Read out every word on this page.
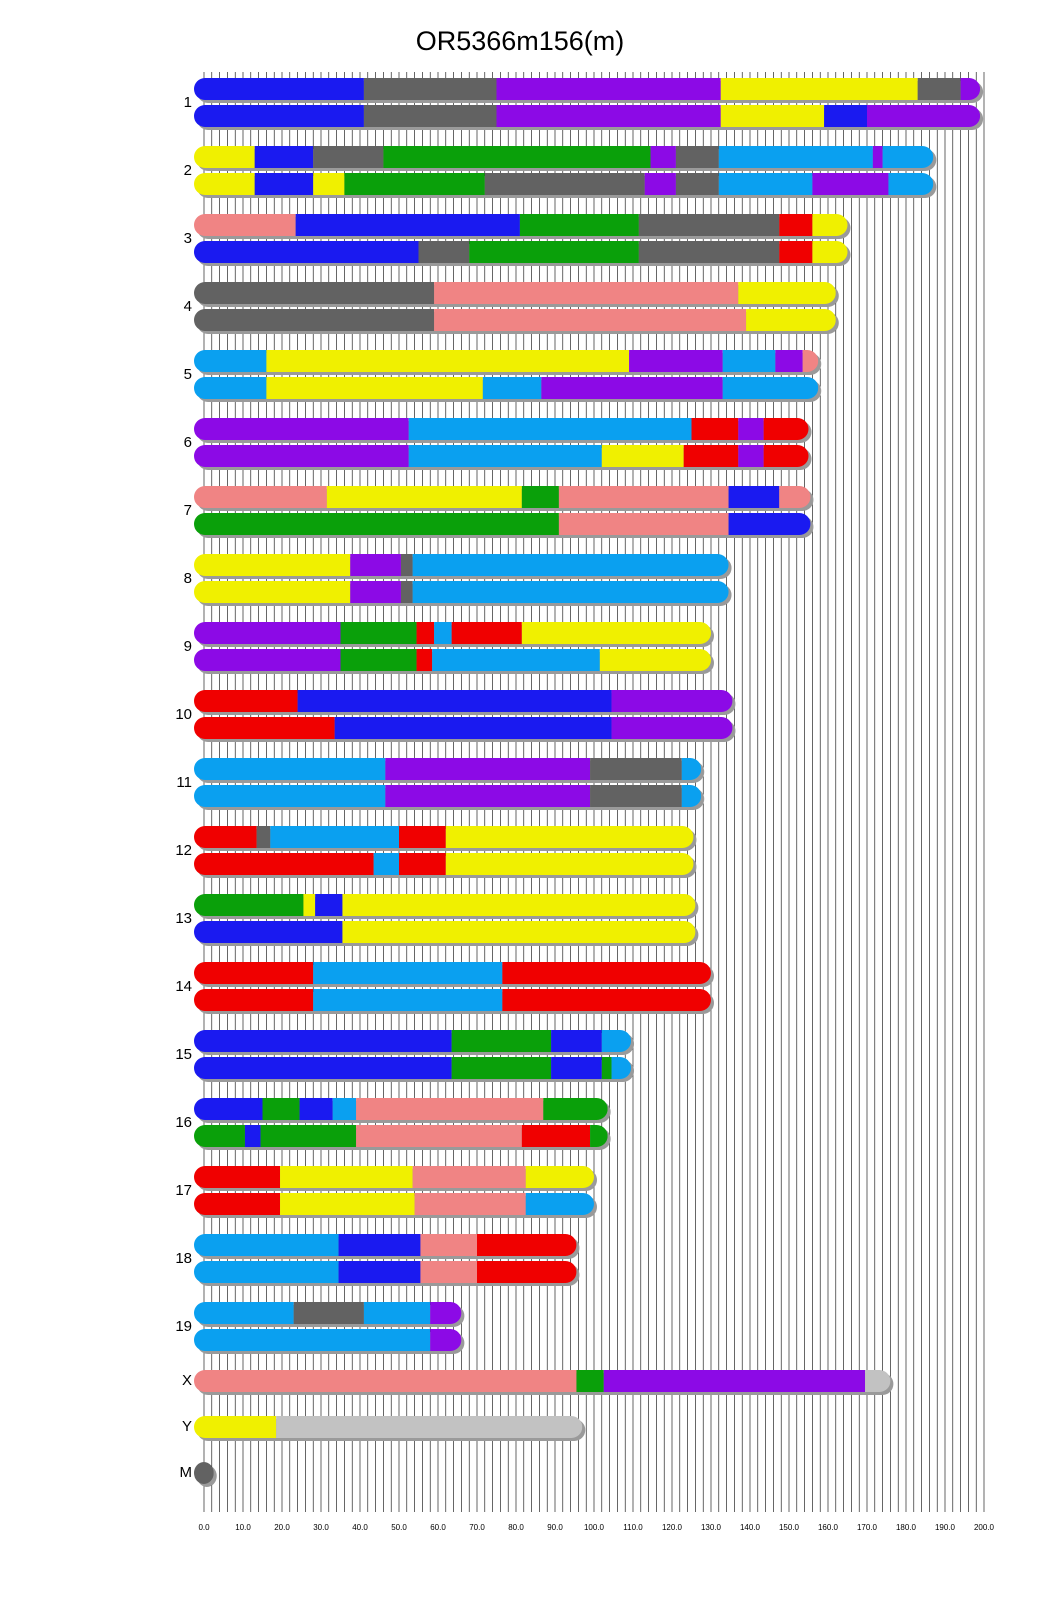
OR5366m156(m)
0.0	10.0	20.0	30.0	40.0	50.0	60.0	70.0	80.0	90.0	100.0 110.0 120.0 130.0 140.0 150.0 160.0 170.0 180.0 190.0 200.0
1
2
3
4
5
6
7
8
9
10
11
12
13
14
15
16
17
18
19
X
Y
M
